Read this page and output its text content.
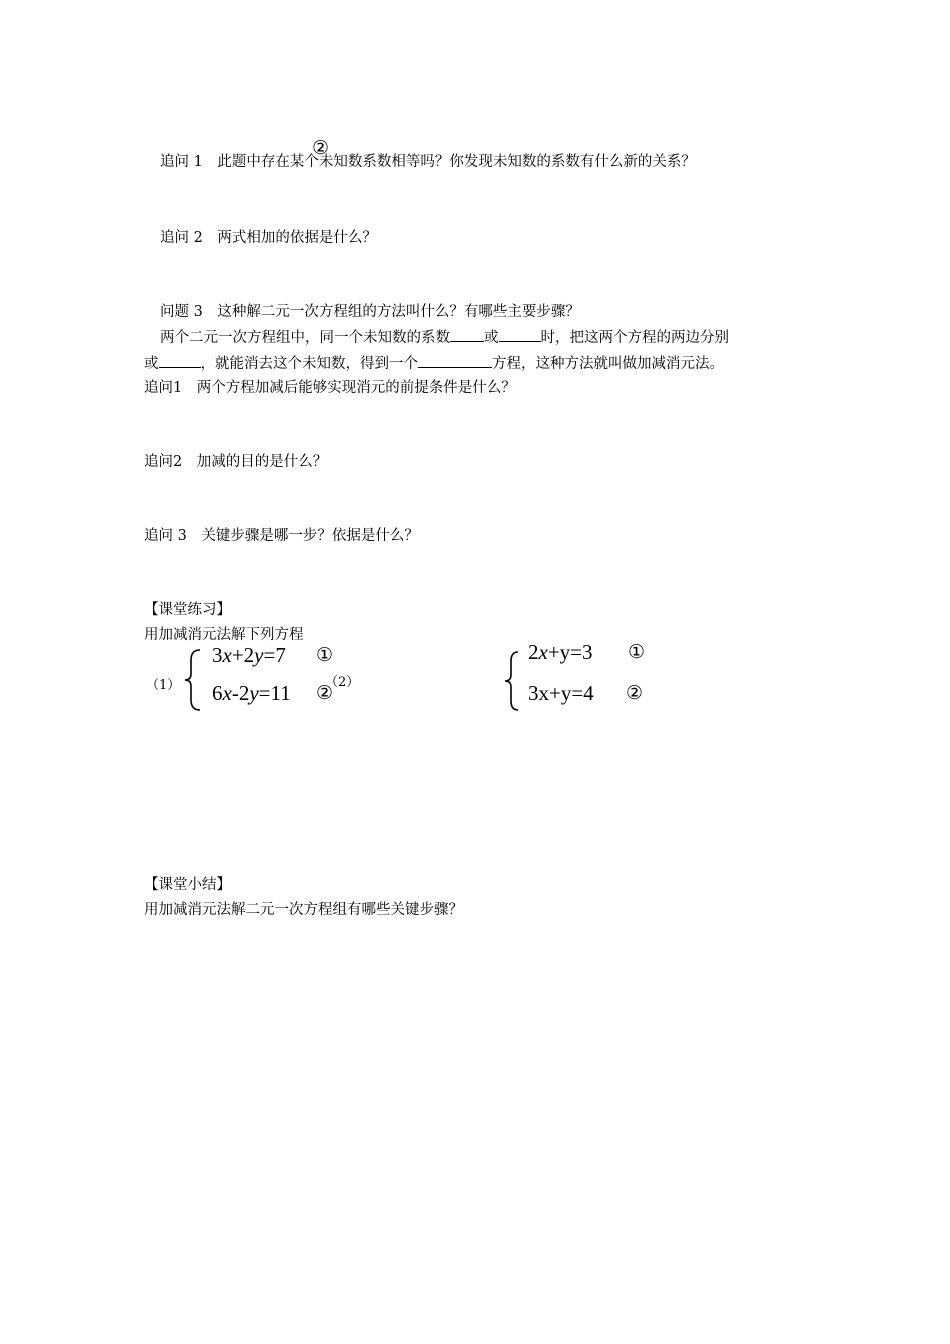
②
追问 1　此题中存在某个未知数系数相等吗？你发现未知数的系数有什么新的关系？
追问 2　两式相加的依据是什么？
问题 3　这种解二元一次方程组的方法叫什么？有哪些主要步骤？
两个二元一次方程组中，同一个未知数的系数 或	时，把这两个方程的两边分别
或	，就能消去这个未知数，得到一个	方程，这种方法就叫做加减消元法。
追问1　两个方程加减后能够实现消元的前提条件是什么？
追问2　加减的目的是什么？
追问 3　关键步骤是哪一步？依据是什么？
【课堂练习】
用加减消元法解下列方程
（1）
3x+2y=7 ①
6x-2y=11 ②
（2）
2x+y=3 ①
3x+y=4 ②
【课堂小结】
用加减消元法解二元一次方程组有哪些关键步骤？
